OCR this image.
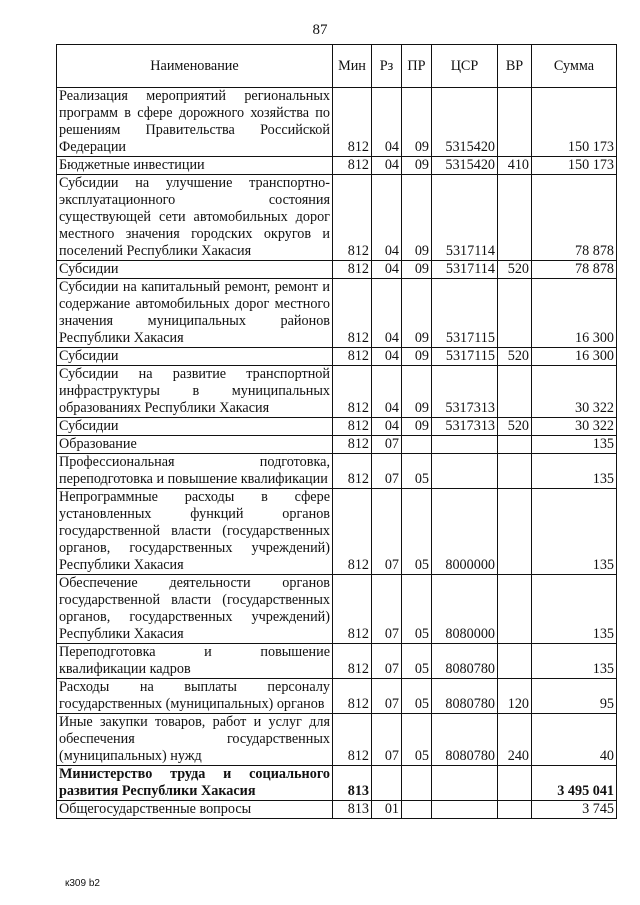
87
Наименование	Мин	Рз	ПР	ЦСР	ВР	Сумма
Реализация мероприятий региональных программ в сфере дорожного хозяйства по решениям Правительства Российской Федерации	812	04	09	5315420		150 173
Бюджетные инвестиции	812	04	09	5315420	410	150 173
Субсидии на улучшение транспортно-эксплуатационного состояния существующей сети автомобильных дорог местного значения городских округов и поселений Республики Хакасия	812	04	09	5317114		78 878
Субсидии	812	04	09	5317114	520	78 878
Субсидии на капитальный ремонт, ремонт и содержание автомобильных дорог местного значения муниципальных районов Республики Хакасия	812	04	09	5317115		16 300
Субсидии	812	04	09	5317115	520	16 300
Субсидии на развитие транспортной инфраструктуры в муниципальных образованиях Республики Хакасия	812	04	09	5317313		30 322
Субсидии	812	04	09	5317313	520	30 322
Образование	812	07				135
Профессиональная подготовка, переподготовка и повышение квалификации	812	07	05			135
Непрограммные расходы в сфере установленных функций органов государственной власти (государственных органов, государственных учреждений) Республики Хакасия	812	07	05	8000000		135
Обеспечение деятельности органов государственной власти (государственных органов, государственных учреждений) Республики Хакасия	812	07	05	8080000		135
Переподготовка и повышение квалификации кадров	812	07	05	8080780		135
Расходы на выплаты персоналу государственных (муниципальных) органов	812	07	05	8080780	120	95
Иные закупки товаров, работ и услуг для обеспечения государственных (муниципальных) нужд	812	07	05	8080780	240	40
Министерство труда и социального развития Республики Хакасия	813					3 495 041
Общегосударственные вопросы	813	01				3 745
к309 b2
